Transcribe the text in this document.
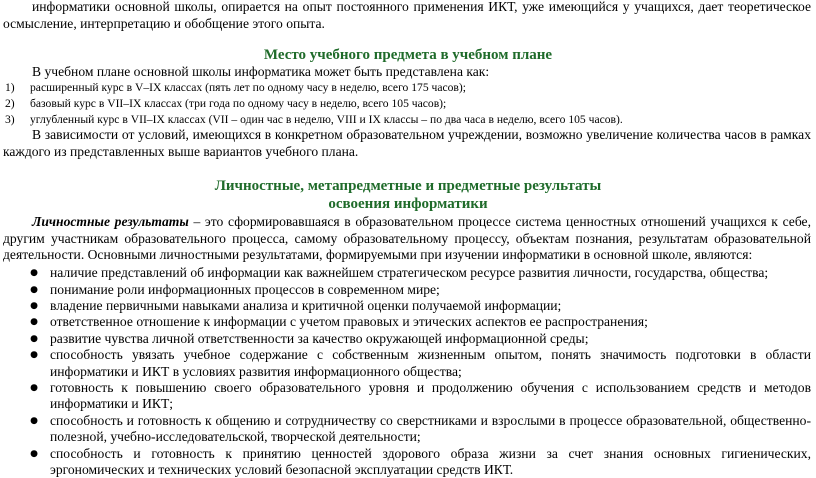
информатики основной школы, опирается на опыт постоянного применения ИКТ, уже имеющийся у учащихся, дает теоретическое осмысление, интерпретацию и обобщение этого опыта.

Место учебного предмета в учебном плане

В учебном плане основной школы информатика может быть представлена как:

1)	расширенный курс в V–IX классах (пять лет по одному часу в неделю, всего 175 часов);
2)	базовый курс в VII–IX классах (три года по одному часу в неделю, всего 105 часов);
3)	углубленный курс в VII–IX классах (VII – один час в неделю, VIII и IX классы – по два часа в неделю, всего 105 часов).

В зависимости от условий, имеющихся в конкретном образовательном учреждении, возможно увеличение количества часов в рамках каждого из представленных выше вариантов учебного плана.

Личностные, метапредметные и предметные результаты
освоения информатики

Личностные результаты – это сформировавшаяся в образовательном процессе система ценностных отношений учащихся к себе, другим участникам образовательного процесса, самому образовательному процессу, объектам познания, результатам образовательной деятельности. Основными личностными результатами, формируемыми при изучении информатики в основной школе, являются:

● наличие представлений об информации как важнейшем стратегическом ресурсе развития личности, государства, общества;
● понимание роли информационных процессов в современном мире;
● владение первичными навыками анализа и критичной оценки получаемой информации;
● ответственное отношение к информации с учетом правовых и этических аспектов ее распространения;
● развитие чувства личной ответственности за качество окружающей информационной среды;
● способность увязать учебное содержание с собственным жизненным опытом, понять значимость подготовки в области информатики и ИКТ в условиях развития информационного общества;
● готовность к повышению своего образовательного уровня и продолжению обучения с использованием средств и методов информатики и ИКТ;
● способность и готовность к общению и сотрудничеству со сверстниками и взрослыми в процессе образовательной, общественно-полезной, учебно-исследовательской, творческой деятельности;
● способность и готовность к принятию ценностей здорового образа жизни за счет знания основных гигиенических, эргономических и технических условий безопасной эксплуатации средств ИКТ.
